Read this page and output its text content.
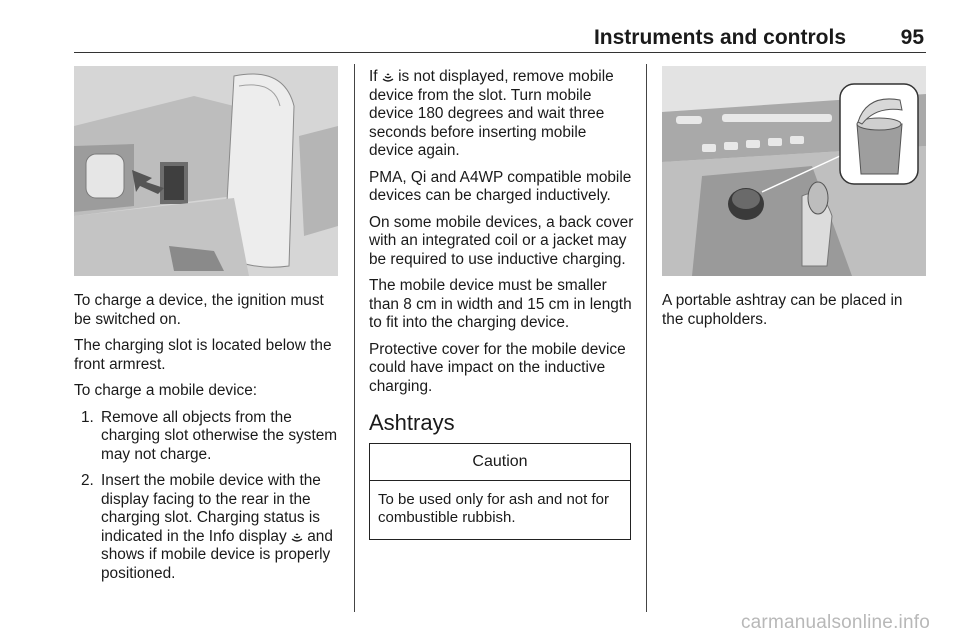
Instruments and controls	95

To charge a device, the ignition must be switched on.

The charging slot is located below the front armrest.

To charge a mobile device:

1. Remove all objects from the charging slot otherwise the system may not charge.
2. Insert the mobile device with the display facing to the rear in the charging slot. Charging status is indicated in the Info display and shows if mobile device is properly positioned.

If is not displayed, remove mobile device from the slot. Turn mobile device 180 degrees and wait three seconds before inserting mobile device again.

PMA, Qi and A4WP compatible mobile devices can be charged inductively.

On some mobile devices, a back cover with an integrated coil or a jacket may be required to use inductive charging.

The mobile device must be smaller than 8 cm in width and 15 cm in length to fit into the charging device.

Protective cover for the mobile device could have impact on the inductive charging.

Ashtrays
Caution
To be used only for ash and not for combustible rubbish.

A portable ashtray can be placed in the cupholders.

carmanualsonline.info
